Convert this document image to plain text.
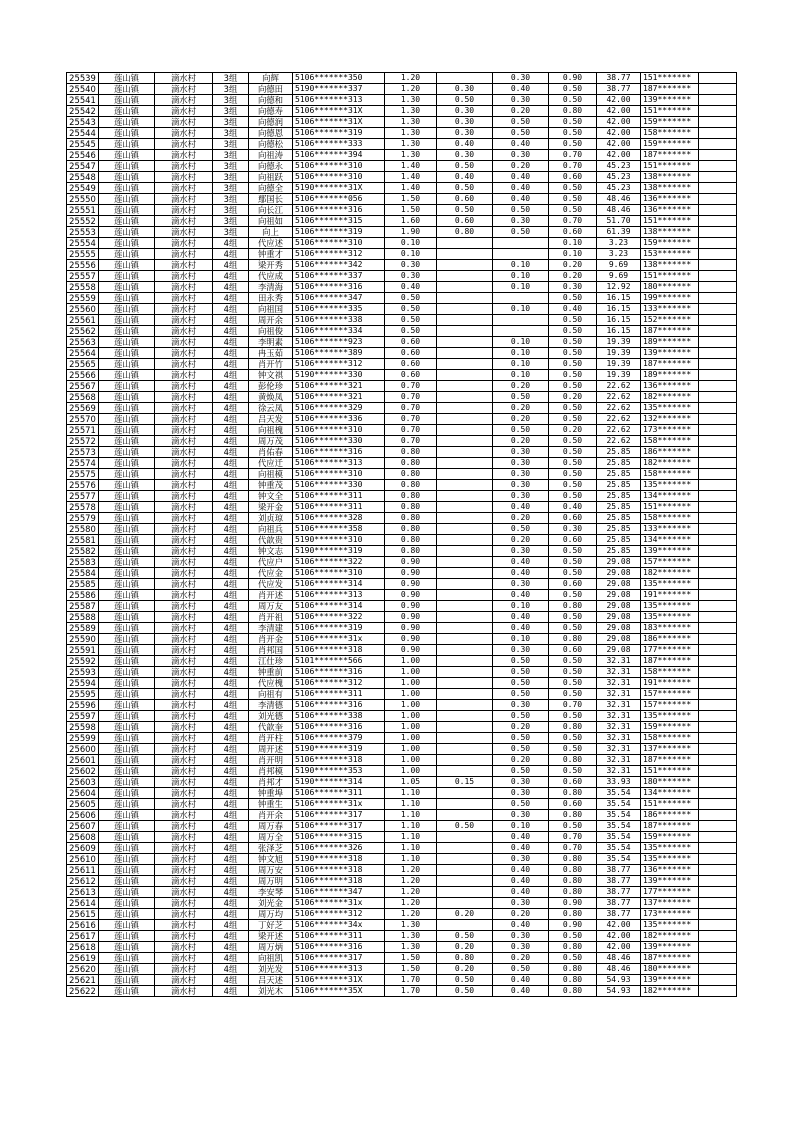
25539	莲山镇	滴水村	3组	向辉	5106*******350	1.20		0.30	0.90	38.77	151*******	
25540	莲山镇	滴水村	3组	向德田	5190*******337	1.20	0.30	0.40	0.50	38.77	187*******	
25541	莲山镇	滴水村	3组	向德和	5106*******313	1.30	0.50	0.30	0.50	42.00	139*******	
25542	莲山镇	滴水村	3组	向德寿	5106*******31X	1.30	0.30	0.20	0.80	42.00	151*******	
25543	莲山镇	滴水村	3组	向德润	5106*******31X	1.30	0.30	0.50	0.50	42.00	159*******	
25544	莲山镇	滴水村	3组	向德恩	5106*******319	1.30	0.30	0.50	0.50	42.00	158*******	
25545	莲山镇	滴水村	3组	向德松	5106*******333	1.30	0.40	0.40	0.50	42.00	159*******	
25546	莲山镇	滴水村	3组	向祖涛	5106*******394	1.30	0.30	0.30	0.70	42.00	187*******	
25547	莲山镇	滴水村	3组	向德永	5106*******310	1.40	0.50	0.20	0.70	45.23	151*******	
25548	莲山镇	滴水村	3组	向祖跃	5106*******310	1.40	0.40	0.40	0.60	45.23	138*******	
25549	莲山镇	滴水村	3组	向德全	5190*******31X	1.40	0.50	0.40	0.50	45.23	138*******	
25550	莲山镇	滴水村	3组	鄢国长	5106*******056	1.50	0.60	0.40	0.50	48.46	136*******	
25551	莲山镇	滴水村	3组	向长江	5106*******316	1.50	0.50	0.50	0.50	48.46	136*******	
25552	莲山镇	滴水村	3组	向祖如	5106*******315	1.60	0.60	0.30	0.70	51.70	151*******	
25553	莲山镇	滴水村	3组	向上	5106*******319	1.90	0.80	0.50	0.60	61.39	138*******	
25554	莲山镇	滴水村	4组	代应述	5106*******310	0.10			0.10	3.23	159*******	
25555	莲山镇	滴水村	4组	钟重才	5106*******312	0.10			0.10	3.23	153*******	
25556	莲山镇	滴水村	4组	梁开秀	5106*******342	0.30		0.10	0.20	9.69	138*******	
25557	莲山镇	滴水村	4组	代应成	5106*******337	0.30		0.10	0.20	9.69	151*******	
25558	莲山镇	滴水村	4组	李清海	5106*******316	0.40		0.10	0.30	12.92	180*******	
25559	莲山镇	滴水村	4组	田永秀	5106*******347	0.50			0.50	16.15	199*******	
25560	莲山镇	滴水村	4组	向祖国	5106*******335	0.50		0.10	0.40	16.15	133*******	
25561	莲山镇	滴水村	4组	周开余	5106*******338	0.50			0.50	16.15	152*******	
25562	莲山镇	滴水村	4组	向祖俊	5106*******334	0.50			0.50	16.15	187*******	
25563	莲山镇	滴水村	4组	李明素	5106*******923	0.60		0.10	0.50	19.39	189*******	
25564	莲山镇	滴水村	4组	冉玉茹	5106*******389	0.60		0.10	0.50	19.39	139*******	
25565	莲山镇	滴水村	4组	肖开竹	5106*******312	0.60		0.10	0.50	19.39	187*******	
25566	莲山镇	滴水村	4组	钟文祺	5190*******330	0.60		0.10	0.50	19.39	189*******	
25567	莲山镇	滴水村	4组	彭伦珍	5106*******321	0.70		0.20	0.50	22.62	136*******	
25568	莲山镇	滴水村	4组	黄焕凤	5106*******321	0.70		0.50	0.20	22.62	182*******	
25569	莲山镇	滴水村	4组	徐云凤	5106*******329	0.70		0.20	0.50	22.62	135*******	
25570	莲山镇	滴水村	4组	吕天发	5106*******336	0.70		0.20	0.50	22.62	132*******	
25571	莲山镇	滴水村	4组	向祖槐	5106*******310	0.70		0.50	0.20	22.62	173*******	
25572	莲山镇	滴水村	4组	周万茂	5106*******330	0.70		0.20	0.50	22.62	158*******	
25573	莲山镇	滴水村	4组	肖佑春	5106*******316	0.80		0.30	0.50	25.85	186*******	
25574	莲山镇	滴水村	4组	代应迁	5106*******313	0.80		0.30	0.50	25.85	182*******	
25575	莲山镇	滴水村	4组	向祖模	5106*******310	0.80		0.30	0.50	25.85	158*******	
25576	莲山镇	滴水村	4组	钟重茂	5106*******330	0.80		0.30	0.50	25.85	135*******	
25577	莲山镇	滴水村	4组	钟文全	5106*******311	0.80		0.30	0.50	25.85	134*******	
25578	莲山镇	滴水村	4组	梁开金	5106*******311	0.80		0.40	0.40	25.85	151*******	
25579	莲山镇	滴水村	4组	刘贞琼	5106*******328	0.80		0.20	0.60	25.85	158*******	
25580	莲山镇	滴水村	4组	向祖兵	5106*******358	0.80		0.50	0.30	25.85	133*******	
25581	莲山镇	滴水村	4组	代歆贵	5190*******310	0.80		0.20	0.60	25.85	134*******	
25582	莲山镇	滴水村	4组	钟文志	5190*******319	0.80		0.30	0.50	25.85	139*******	
25583	莲山镇	滴水村	4组	代应户	5106*******322	0.90		0.40	0.50	29.08	157*******	
25584	莲山镇	滴水村	4组	代应金	5106*******310	0.90		0.40	0.50	29.08	182*******	
25585	莲山镇	滴水村	4组	代应发	5106*******314	0.90		0.30	0.60	29.08	135*******	
25586	莲山镇	滴水村	4组	肖开述	5106*******313	0.90		0.40	0.50	29.08	191*******	
25587	莲山镇	滴水村	4组	周万友	5106*******314	0.90		0.10	0.80	29.08	135*******	
25588	莲山镇	滴水村	4组	肖开祖	5106*******322	0.90		0.40	0.50	29.08	135*******	
25589	莲山镇	滴水村	4组	李清建	5106*******319	0.90		0.40	0.50	29.08	183*******	
25590	莲山镇	滴水村	4组	肖开金	5106*******31x	0.90		0.10	0.80	29.08	186*******	
25591	莲山镇	滴水村	4组	肖邦国	5106*******318	0.90		0.30	0.60	29.08	177*******	
25592	莲山镇	滴水村	4组	江仕珍	5101*******566	1.00		0.50	0.50	32.31	187*******	
25593	莲山镇	滴水村	4组	钟重前	5106*******316	1.00		0.50	0.50	32.31	158*******	
25594	莲山镇	滴水村	4组	代应槐	5106*******312	1.00		0.50	0.50	32.31	191*******	
25595	莲山镇	滴水村	4组	向祖有	5106*******311	1.00		0.50	0.50	32.31	157*******	
25596	莲山镇	滴水村	4组	李清德	5106*******316	1.00		0.30	0.70	32.31	157*******	
25597	莲山镇	滴水村	4组	刘光德	5106*******338	1.00		0.50	0.50	32.31	135*******	
25598	莲山镇	滴水村	4组	代歆奎	5106*******316	1.00		0.20	0.80	32.31	159*******	
25599	莲山镇	滴水村	4组	肖开柱	5106*******379	1.00		0.50	0.50	32.31	158*******	
25600	莲山镇	滴水村	4组	周开述	5190*******319	1.00		0.50	0.50	32.31	137*******	
25601	莲山镇	滴水村	4组	肖开明	5106*******318	1.00		0.20	0.80	32.31	187*******	
25602	莲山镇	滴水村	4组	肖邦模	5190*******353	1.00		0.50	0.50	32.31	151*******	
25603	莲山镇	滴水村	4组	肖邦才	5190*******314	1.05	0.15	0.30	0.60	33.93	180*******	
25604	莲山镇	滴水村	4组	钟重埠	5106*******311	1.10		0.30	0.80	35.54	134*******	
25605	莲山镇	滴水村	4组	钟重生	5106*******31x	1.10		0.50	0.60	35.54	151*******	
25606	莲山镇	滴水村	4组	肖开余	5106*******317	1.10		0.30	0.80	35.54	186*******	
25607	莲山镇	滴水村	4组	周万春	5106*******317	1.10	0.50	0.10	0.50	35.54	187*******	
25608	莲山镇	滴水村	4组	周万全	5106*******315	1.10		0.40	0.70	35.54	159*******	
25609	莲山镇	滴水村	4组	张泽芝	5106*******326	1.10		0.40	0.70	35.54	135*******	
25610	莲山镇	滴水村	4组	钟文旭	5190*******318	1.10		0.30	0.80	35.54	135*******	
25611	莲山镇	滴水村	4组	周万安	5106*******318	1.20		0.40	0.80	38.77	136*******	
25612	莲山镇	滴水村	4组	周万明	5106*******318	1.20		0.40	0.80	38.77	139*******	
25613	莲山镇	滴水村	4组	李安琴	5106*******347	1.20		0.40	0.80	38.77	177*******	
25614	莲山镇	滴水村	4组	刘光金	5106*******31x	1.20		0.30	0.90	38.77	137*******	
25615	莲山镇	滴水村	4组	周万均	5106*******312	1.20	0.20	0.20	0.80	38.77	173*******	
25616	莲山镇	滴水村	4组	丁好芝	5106*******34x	1.30		0.40	0.90	42.00	135*******	
25617	莲山镇	滴水村	4组	梁开述	5106*******311	1.30	0.50	0.30	0.50	42.00	182*******	
25618	莲山镇	滴水村	4组	周万炳	5106*******316	1.30	0.20	0.30	0.80	42.00	139*******	
25619	莲山镇	滴水村	4组	向祖凯	5106*******317	1.50	0.80	0.20	0.50	48.46	187*******	
25620	莲山镇	滴水村	4组	刘光发	5106*******313	1.50	0.20	0.50	0.80	48.46	180*******	
25621	莲山镇	滴水村	4组	吕天述	5106*******31X	1.70	0.50	0.40	0.80	54.93	139*******	
25622	莲山镇	滴水村	4组	刘光木	5106*******35X	1.70	0.50	0.40	0.80	54.93	182*******	
